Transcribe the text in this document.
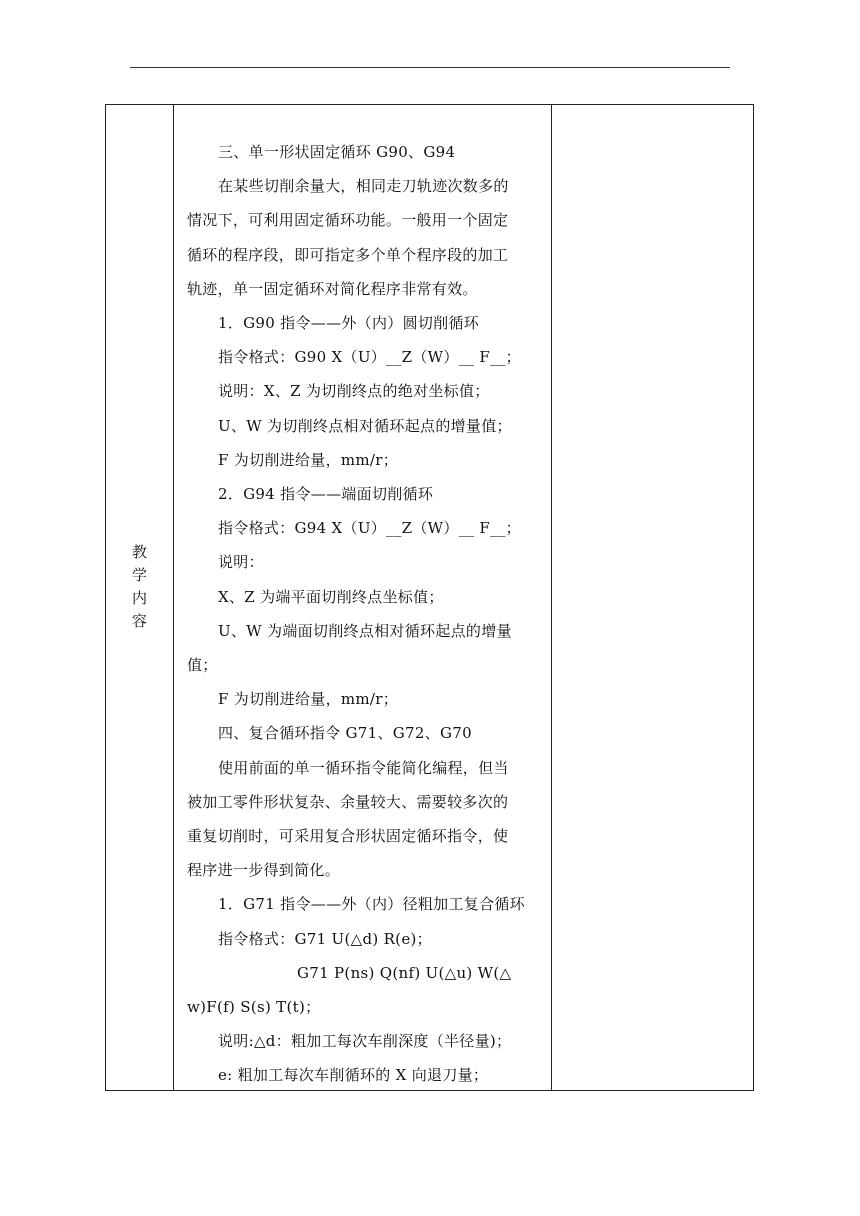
教
学
内
容

三、单一形状固定循环 G90、G94

在某些切削余量大，相同走刀轨迹次数多的

情况下，可利用固定循环功能。一般用一个固定

循环的程序段，即可指定多个单个程序段的加工

轨迹，单一固定循环对简化程序非常有效。

1．G90 指令——外（内）圆切削循环

指令格式：G90 X（U）__Z（W）__ F__；

说明：X、Z 为切削终点的绝对坐标值；

U、W 为切削终点相对循环起点的增量值；

F 为切削进给量，mm/r；

2．G94 指令——端面切削循环

指令格式：G94 X（U）__Z（W）__ F__；

说明：

X、Z 为端平面切削终点坐标值；

U、W 为端面切削终点相对循环起点的增量

值；

F 为切削进给量，mm/r；

四、复合循环指令 G71、G72、G70

使用前面的单一循环指令能简化编程，但当

被加工零件形状复杂、余量较大、需要较多次的

重复切削时，可采用复合形状固定循环指令，使

程序进一步得到简化。

1．G71 指令——外（内）径粗加工复合循环

指令格式：G71 U(△d) R(e)；

G71 P(ns) Q(nf) U(△u) W(△

w)F(f) S(s) T(t)；

说明:△d：粗加工每次车削深度（半径量)；

e: 粗加工每次车削循环的 X 向退刀量；
